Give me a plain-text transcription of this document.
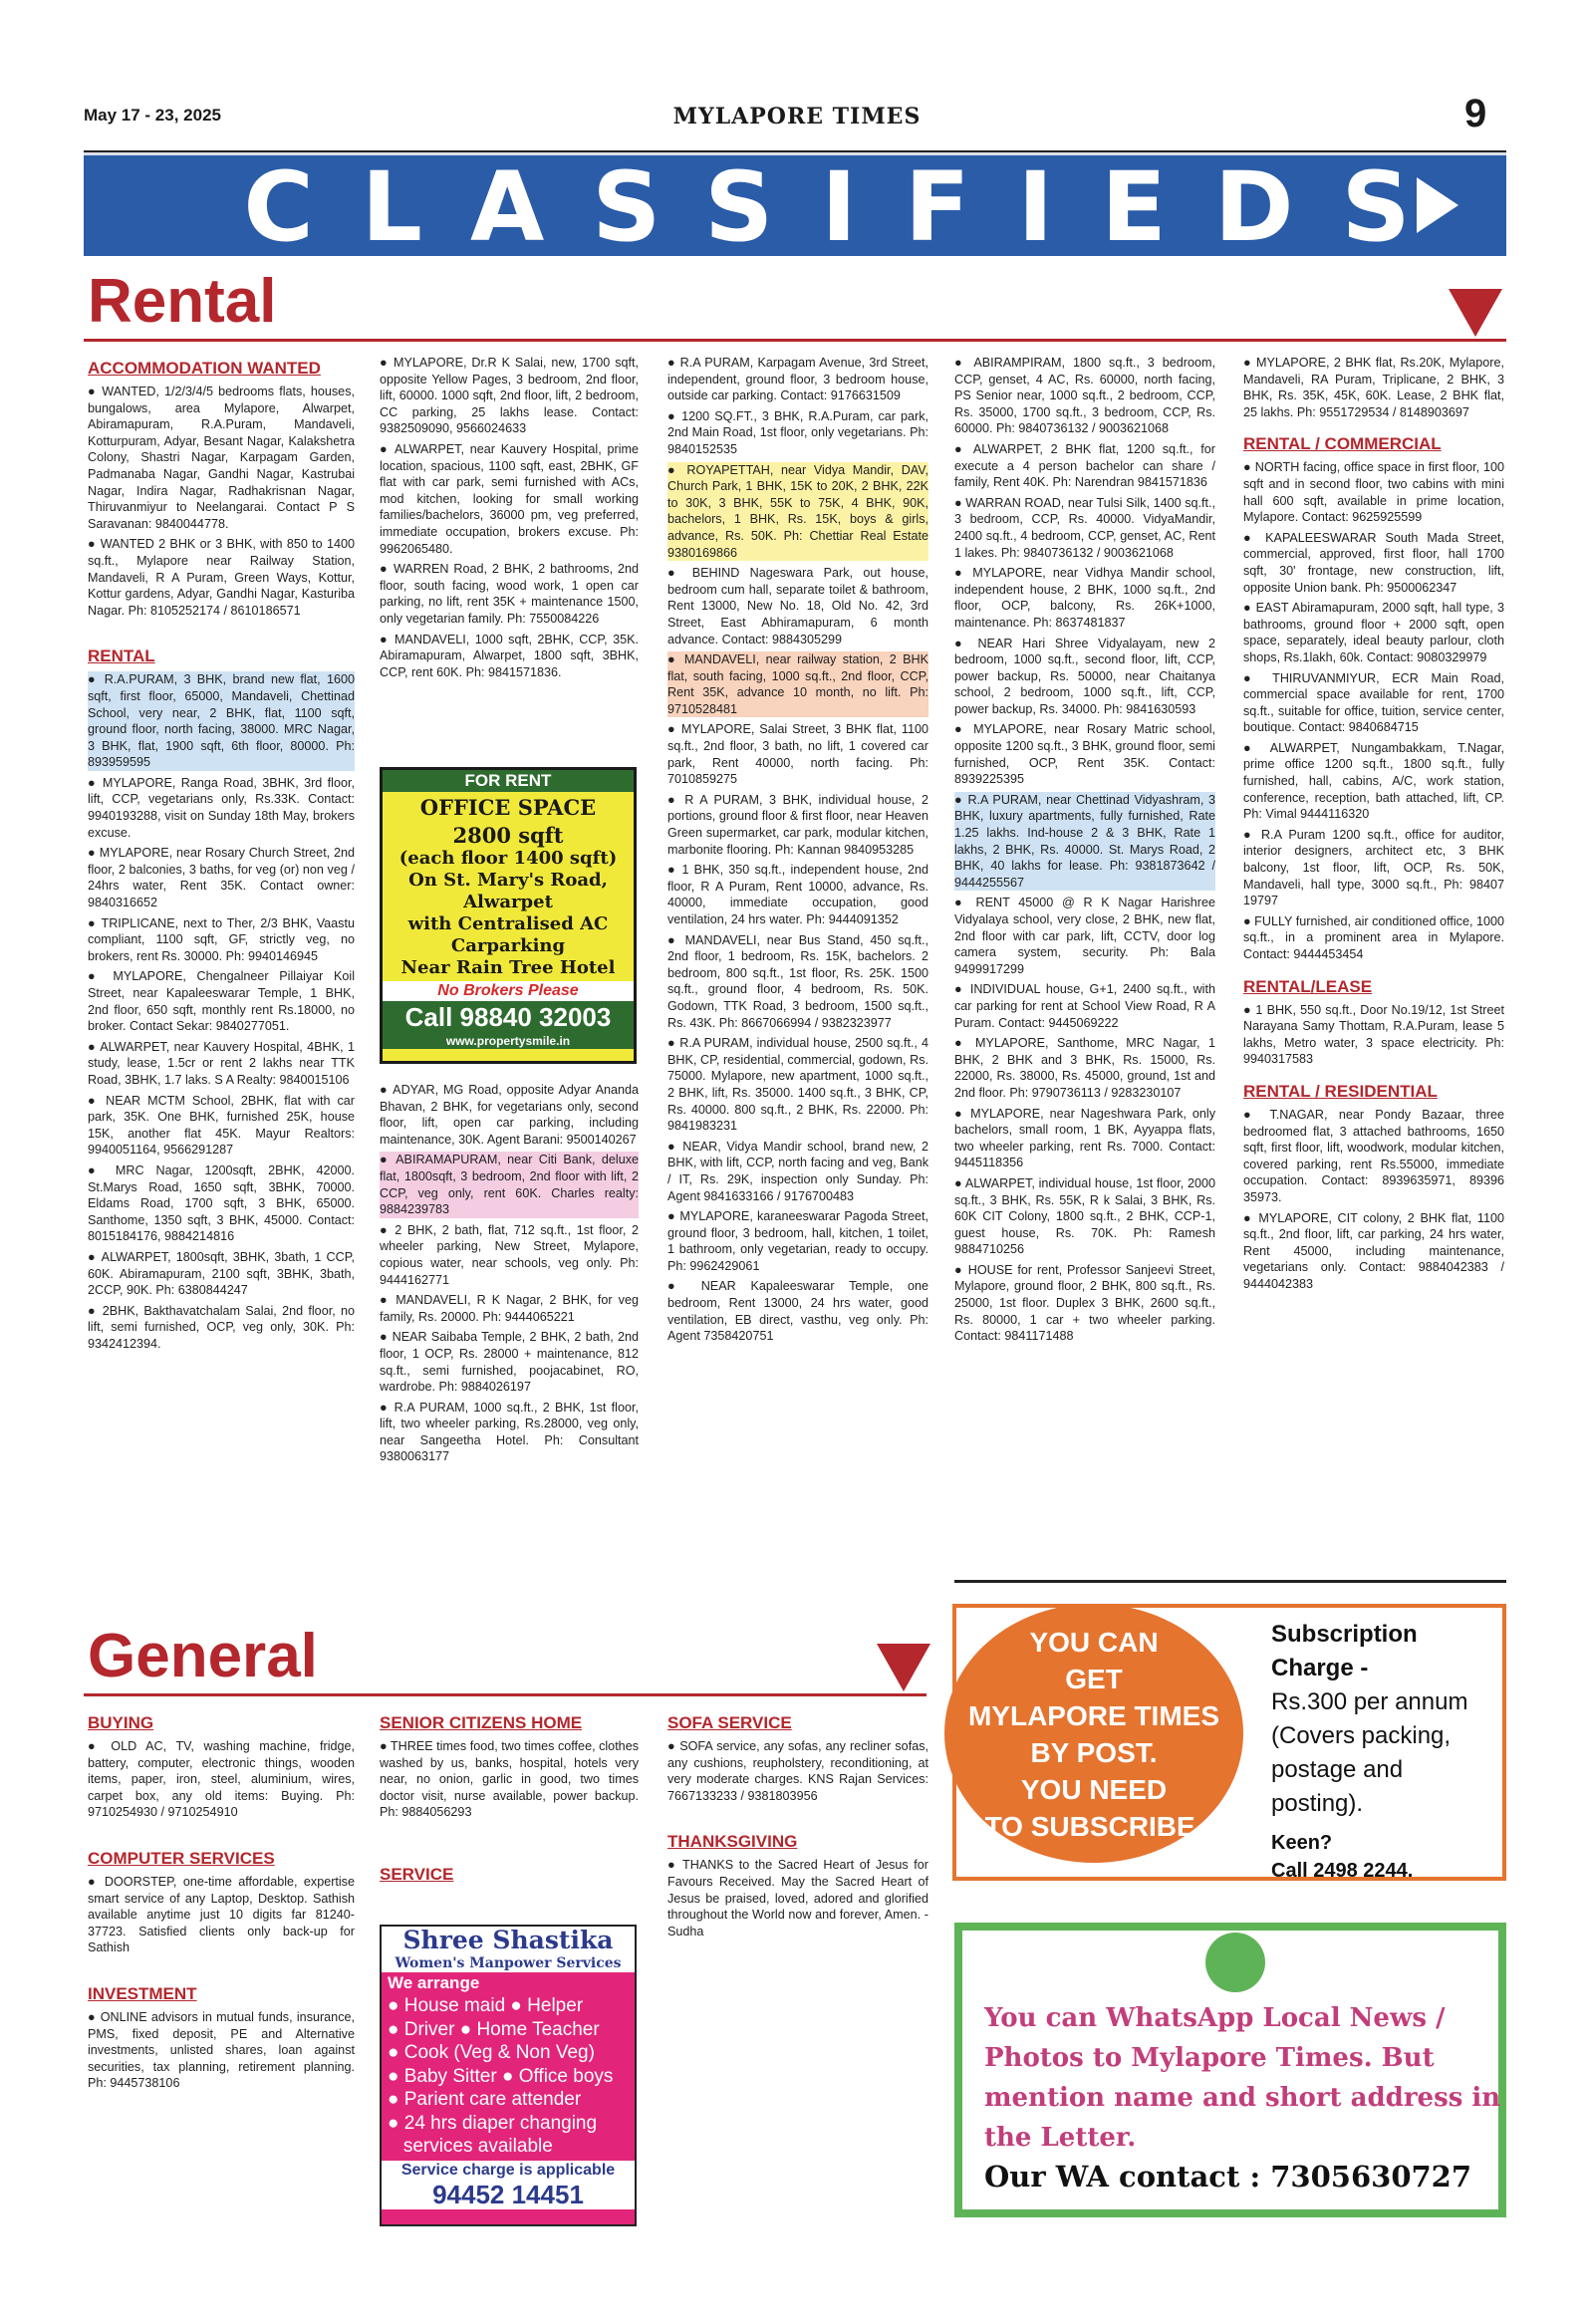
May 17 - 23, 2025	MYLAPORE TIMES	9
CLASSIFIEDS
Rental
ACCOMMODATION WANTED

● WANTED, 1/2/3/4/5 bedrooms flats, houses, bungalows, area Mylapore, Alwarpet, Abiramapuram, R.A.Puram, Mandaveli, Kotturpuram, Adyar, Besant Nagar, Kalakshetra Colony, Shastri Nagar, Karpagam Garden, Padmanaba Nagar, Gandhi Nagar, Kastrubai Nagar, Indira Nagar, Radhakrisnan Nagar, Thiruvanmiyur to Neelangarai. Contact P S Saravanan: 9840044778.

● WANTED 2 BHK or 3 BHK, with 850 to 1400 sq.ft., Mylapore near Railway Station, Mandaveli, R A Puram, Green Ways, Kottur, Kottur gardens, Adyar, Gandhi Nagar, Kasturiba Nagar. Ph: 8105252174 / 8610186571

RENTAL

● R.A.PURAM, 3 BHK, brand new flat, 1600 sqft, first floor, 65000, Mandaveli, Chettinad School, very near, 2 BHK, flat, 1100 sqft, ground floor, north facing, 38000. MRC Nagar, 3 BHK, flat, 1900 sqft, 6th floor, 80000. Ph: 893959595

● MYLAPORE, Ranga Road, 3BHK, 3rd floor, lift, CCP, vegetarians only, Rs.33K. Contact: 9940193288, visit on Sunday 18th May, brokers excuse.

● MYLAPORE, near Rosary Church Street, 2nd floor, 2 balconies, 3 baths, for veg (or) non veg / 24hrs water, Rent 35K. Contact owner: 9840316652

● TRIPLICANE, next to Ther, 2/3 BHK, Vaastu compliant, 1100 sqft, GF, strictly veg, no brokers, rent Rs. 30000. Ph: 9940146945

● MYLAPORE, Chengalneer Pillaiyar Koil Street, near Kapaleeswarar Temple, 1 BHK, 2nd floor, 650 sqft, monthly rent Rs.18000, no broker. Contact Sekar: 9840277051.

● ALWARPET, near Kauvery Hospital, 4BHK, 1 study, lease, 1.5cr or rent 2 lakhs near TTK Road, 3BHK, 1.7 laks. S A Realty: 9840015106

● NEAR MCTM School, 2BHK, flat with car park, 35K. One BHK, furnished 25K, house 15K, another flat 45K. Mayur Realtors: 9940051164, 9566291287

● MRC Nagar, 1200sqft, 2BHK, 42000. St.Marys Road, 1650 sqft, 3BHK, 70000. Eldams Road, 1700 sqft, 3 BHK, 65000. Santhome, 1350 sqft, 3 BHK, 45000. Contact: 8015184176, 9884214816

● ALWARPET, 1800sqft, 3BHK, 3bath, 1 CCP, 60K. Abiramapuram, 2100 sqft, 3BHK, 3bath, 2CCP, 90K. Ph: 6380844247

● 2BHK, Bakthavatchalam Salai, 2nd floor, no lift, semi furnished, OCP, veg only, 30K. Ph: 9342412394.

● MYLAPORE, Dr.R K Salai, new, 1700 sqft, opposite Yellow Pages, 3 bedroom, 2nd floor, lift, 60000. 1000 sqft, 2nd floor, lift, 2 bedroom, CC parking, 25 lakhs lease. Contact: 9382509090, 9566024633

● ALWARPET, near Kauvery Hospital, prime location, spacious, 1100 sqft, east, 2BHK, GF flat with car park, semi furnished with ACs, mod kitchen, looking for small working families/bachelors, 36000 pm, veg preferred, immediate occupation, brokers excuse. Ph: 9962065480.

● WARREN Road, 2 BHK, 2 bathrooms, 2nd floor, south facing, wood work, 1 open car parking, no lift, rent 35K + maintenance 1500, only vegetarian family. Ph: 7550084226

● MANDAVELI, 1000 sqft, 2BHK, CCP, 35K. Abiramapuram, Alwarpet, 1800 sqft, 3BHK, CCP, rent 60K. Ph: 9841571836.

FOR RENT
OFFICE SPACE
2800 sqft
(each floor 1400 sqft)
On St. Mary's Road,
Alwarpet
with Centralised AC
Carparking
Near Rain Tree Hotel
No Brokers Please
Call 98840 32003
www.propertysmile.in

● ADYAR, MG Road, opposite Adyar Ananda Bhavan, 2 BHK, for vegetarians only, second floor, lift, open car parking, including maintenance, 30K. Agent Barani: 9500140267

● ABIRAMAPURAM, near Citi Bank, deluxe flat, 1800sqft, 3 bedroom, 2nd floor with lift, 2 CCP, veg only, rent 60K. Charles realty: 9884239783

● 2 BHK, 2 bath, flat, 712 sq.ft., 1st floor, 2 wheeler parking, New Street, Mylapore, copious water, near schools, veg only. Ph: 9444162771

● MANDAVELI, R K Nagar, 2 BHK, for veg family, Rs. 20000. Ph: 9444065221

● NEAR Saibaba Temple, 2 BHK, 2 bath, 2nd floor, 1 OCP, Rs. 28000 + maintenance, 812 sq.ft., semi furnished, poojacabinet, RO, wardrobe. Ph: 9884026197

● R.A PURAM, 1000 sq.ft., 2 BHK, 1st floor, lift, two wheeler parking, Rs.28000, veg only, near Sangeetha Hotel. Ph: Consultant 9380063177

● R.A PURAM, Karpagam Avenue, 3rd Street, independent, ground floor, 3 bedroom house, outside car parking. Contact: 9176631509

● 1200 SQ.FT., 3 BHK, R.A.Puram, car park, 2nd Main Road, 1st floor, only vegetarians. Ph: 9840152535

● ROYAPETTAH, near Vidya Mandir, DAV, Church Park, 1 BHK, 15K to 20K, 2 BHK, 22K to 30K, 3 BHK, 55K to 75K, 4 BHK, 90K, bachelors, 1 BHK, Rs. 15K, boys & girls, advance, Rs. 50K. Ph: Chettiar Real Estate 9380169866

● BEHIND Nageswara Park, out house, bedroom cum hall, separate toilet & bathroom, Rent 13000, New No. 18, Old No. 42, 3rd Street, East Abhiramapuram, 6 month advance. Contact: 9884305299

● MANDAVELI, near railway station, 2 BHK flat, south facing, 1000 sq.ft., 2nd floor, CCP, Rent 35K, advance 10 month, no lift. Ph: 9710528481

● MYLAPORE, Salai Street, 3 BHK flat, 1100 sq.ft., 2nd floor, 3 bath, no lift, 1 covered car park, Rent 40000, north facing. Ph: 7010859275

● R A PURAM, 3 BHK, individual house, 2 portions, ground floor & first floor, near Heaven Green supermarket, car park, modular kitchen, marbonite flooring. Ph: Kannan 9840953285

● 1 BHK, 350 sq.ft., independent house, 2nd floor, R A Puram, Rent 10000, advance, Rs. 40000, immediate occupation, good ventilation, 24 hrs water. Ph: 9444091352

● MANDAVELI, near Bus Stand, 450 sq.ft., 2nd floor, 1 bedroom, Rs. 15K, bachelors. 2 bedroom, 800 sq.ft., 1st floor, Rs. 25K. 1500 sq.ft., ground floor, 4 bedroom, Rs. 50K. Godown, TTK Road, 3 bedroom, 1500 sq.ft., Rs. 43K. Ph: 8667066994 / 9382323977

● R.A PURAM, individual house, 2500 sq.ft., 4 BHK, CP, residential, commercial, godown, Rs. 75000. Mylapore, new apartment, 1000 sq.ft., 2 BHK, lift, Rs. 35000. 1400 sq.ft., 3 BHK, CP, Rs. 40000. 800 sq.ft., 2 BHK, Rs. 22000. Ph: 9841983231

● NEAR, Vidya Mandir school, brand new, 2 BHK, with lift, CCP, north facing and veg, Bank / IT, Rs. 29K, inspection only Sunday. Ph: Agent 9841633166 / 9176700483

● MYLAPORE, karaneeswarar Pagoda Street, ground floor, 3 bedroom, hall, kitchen, 1 toilet, 1 bathroom, only vegetarian, ready to occupy. Ph: 9962429061

● NEAR Kapaleeswarar Temple, one bedroom, Rent 13000, 24 hrs water, good ventilation, EB direct, vasthu, veg only. Ph: Agent 7358420751

● ABIRAMPIRAM, 1800 sq.ft., 3 bedroom, CCP, genset, 4 AC, Rs. 60000, north facing, PS Senior near, 1000 sq.ft., 2 bedroom, CCP, Rs. 35000, 1700 sq.ft., 3 bedroom, CCP, Rs. 60000. Ph: 9840736132 / 9003621068

● ALWARPET, 2 BHK flat, 1200 sq.ft., for execute a 4 person bachelor can share / family, Rent 40K. Ph: Narendran 9841571836

● WARRAN ROAD, near Tulsi Silk, 1400 sq.ft., 3 bedroom, CCP, Rs. 40000. VidyaMandir, 2400 sq.ft., 4 bedroom, CCP, genset, AC, Rent 1 lakes. Ph: 9840736132 / 9003621068

● MYLAPORE, near Vidhya Mandir school, independent house, 2 BHK, 1000 sq.ft., 2nd floor, OCP, balcony, Rs. 26K+1000, maintenance. Ph: 8637481837

● NEAR Hari Shree Vidyalayam, new 2 bedroom, 1000 sq.ft., second floor, lift, CCP, power backup, Rs. 50000, near Chaitanya school, 2 bedroom, 1000 sq.ft., lift, CCP, power backup, Rs. 34000. Ph: 9841630593

● MYLAPORE, near Rosary Matric school, opposite 1200 sq.ft., 3 BHK, ground floor, semi furnished, OCP, Rent 35K. Contact: 8939225395

● R.A PURAM, near Chettinad Vidyashram, 3 BHK, luxury apartments, fully furnished, Rate 1.25 lakhs. Ind-house 2 & 3 BHK, Rate 1 lakhs, 2 BHK, Rs. 40000. St. Marys Road, 2 BHK, 40 lakhs for lease. Ph: 9381873642 / 9444255567

● RENT 45000 @ R K Nagar Harishree Vidyalaya school, very close, 2 BHK, new flat, 2nd floor with car park, lift, CCTV, door log camera system, security. Ph: Bala 9499917299

● INDIVIDUAL house, G+1, 2400 sq.ft., with car parking for rent at School View Road, R A Puram. Contact: 9445069222

● MYLAPORE, Santhome, MRC Nagar, 1 BHK, 2 BHK and 3 BHK, Rs. 15000, Rs. 22000, Rs. 38000, Rs. 45000, ground, 1st and 2nd floor. Ph: 9790736113 / 9283230107

● MYLAPORE, near Nageshwara Park, only bachelors, small room, 1 BK, Ayyappa flats, two wheeler parking, rent Rs. 7000. Contact: 9445118356

● ALWARPET, individual house, 1st floor, 2000 sq.ft., 3 BHK, Rs. 55K, R k Salai, 3 BHK, Rs. 60K CIT Colony, 1800 sq.ft., 2 BHK, CCP-1, guest house, Rs. 70K. Ph: Ramesh 9884710256

● HOUSE for rent, Professor Sanjeevi Street, Mylapore, ground floor, 2 BHK, 800 sq.ft., Rs. 25000, 1st floor. Duplex 3 BHK, 2600 sq.ft., Rs. 80000, 1 car + two wheeler parking. Contact: 9841171488

● MYLAPORE, 2 BHK flat, Rs.20K, Mylapore, Mandaveli, RA Puram, Triplicane, 2 BHK, 3 BHK, Rs. 35K, 45K, 60K. Lease, 2 BHK flat, 25 lakhs. Ph: 9551729534 / 8148903697

RENTAL / COMMERCIAL

● NORTH facing, office space in first floor, 100 sqft and in second floor, two cabins with mini hall 600 sqft, available in prime location, Mylapore. Contact: 9625925599

● KAPALEESWARAR South Mada Street, commercial, approved, first floor, hall 1700 sqft, 30' frontage, new construction, lift, opposite Union bank. Ph: 9500062347

● EAST Abiramapuram, 2000 sqft, hall type, 3 bathrooms, ground floor + 2000 sqft, open space, separately, ideal beauty parlour, cloth shops, Rs.1lakh, 60k. Contact: 9080329979

● THIRUVANMIYUR, ECR Main Road, commercial space available for rent, 1700 sq.ft., suitable for office, tuition, service center, boutique. Contact: 9840684715

● ALWARPET, Nungambakkam, T.Nagar, prime office 1200 sq.ft., 1800 sq.ft., fully furnished, hall, cabins, A/C, work station, conference, reception, bath attached, lift, CP. Ph: Vimal 9444116320

● R.A Puram 1200 sq.ft., office for auditor, interior designers, architect etc, 3 BHK balcony, 1st floor, lift, OCP, Rs. 50K, Mandaveli, hall type, 3000 sq.ft., Ph: 98407 19797

● FULLY furnished, air conditioned office, 1000 sq.ft., in a prominent area in Mylapore. Contact: 9444453454

RENTAL/LEASE

● 1 BHK, 550 sq.ft., Door No.19/12, 1st Street Narayana Samy Thottam, R.A.Puram, lease 5 lakhs, Metro water, 3 space electricity. Ph: 9940317583

RENTAL / RESIDENTIAL

● T.NAGAR, near Pondy Bazaar, three bedroomed flat, 3 attached bathrooms, 1650 sqft, first floor, lift, woodwork, modular kitchen, covered parking, rent Rs.55000, immediate occupation. Contact: 8939635971, 89396 35973.

● MYLAPORE, CIT colony, 2 BHK flat, 1100 sq.ft., 2nd floor, lift, car parking, 24 hrs water, Rent 45000, including maintenance, vegetarians only. Contact: 9884042383 / 9444042383

General
BUYING

● OLD AC, TV, washing machine, fridge, battery, computer, electronic things, wooden items, paper, iron, steel, aluminium, wires, carpet box, any old items: Buying. Ph: 9710254930 / 9710254910

COMPUTER SERVICES

● DOORSTEP, one-time affordable, expertise smart service of any Laptop, Desktop. Sathish available anytime just 10 digits far 81240-37723. Satisfied clients only back-up for Sathish

INVESTMENT

● ONLINE advisors in mutual funds, insurance, PMS, fixed deposit, PE and Alternative investments, unlisted shares, loan against securities, tax planning, retirement planning. Ph: 9445738106

SENIOR CITIZENS HOME

● THREE times food, two times coffee, clothes washed by us, banks, hospital, hotels very near, no onion, garlic in good, two times doctor visit, nurse available, power backup. Ph: 9884056293

SERVICE
Shree Shastika
Women's Manpower Services
We arrange
● House maid ● Helper
● Driver ● Home Teacher
● Cook (Veg & Non Veg)
● Baby Sitter ● Office boys
● Parient care attender
● 24 hrs diaper changing
services available
Service charge is applicable
94452 14451
SOFA SERVICE

● SOFA service, any sofas, any recliner sofas, any cushions, reupholstery, reconditioning, at very moderate charges. KNS Rajan Services: 7667133233 / 9381803956

THANKSGIVING

● THANKS to the Sacred Heart of Jesus for Favours Received. May the Sacred Heart of Jesus be praised, loved, adored and glorified throughout the World now and forever, Amen. - Sudha

YOU CAN
GET
MYLAPORE TIMES
BY POST.
YOU NEED
TO SUBSCRIBE.
Subscription Charge -
Rs.300 per annum (Covers packing, postage and posting).
Keen?
Call 2498 2244.
You can WhatsApp Local News / Photos to Mylapore Times. But mention name and short address in the Letter.
Our WA contact : 7305630727
